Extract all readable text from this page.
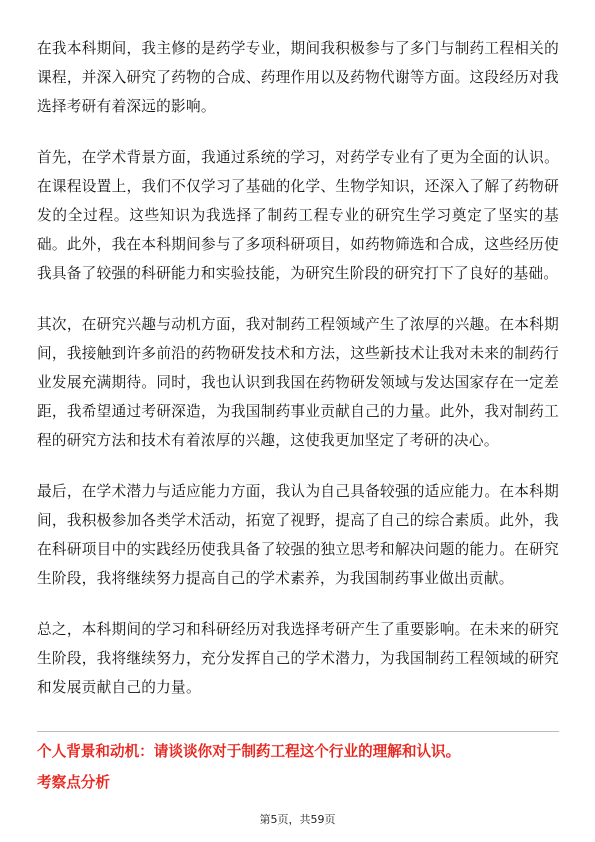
在我本科期间，我主修的是药学专业，期间我积极参与了多门与制药工程相关的课程，并深入研究了药物的合成、药理作用以及药物代谢等方面。这段经历对我选择考研有着深远的影响。

首先，在学术背景方面，我通过系统的学习，对药学专业有了更为全面的认识。在课程设置上，我们不仅学习了基础的化学、生物学知识，还深入了解了药物研发的全过程。这些知识为我选择了制药工程专业的研究生学习奠定了坚实的基础。此外，我在本科期间参与了多项科研项目，如药物筛选和合成，这些经历使我具备了较强的科研能力和实验技能，为研究生阶段的研究打下了良好的基础。

其次，在研究兴趣与动机方面，我对制药工程领域产生了浓厚的兴趣。在本科期间，我接触到许多前沿的药物研发技术和方法，这些新技术让我对未来的制药行业发展充满期待。同时，我也认识到我国在药物研发领域与发达国家存在一定差距，我希望通过考研深造，为我国制药事业贡献自己的力量。此外，我对制药工程的研究方法和技术有着浓厚的兴趣，这使我更加坚定了考研的决心。

最后，在学术潜力与适应能力方面，我认为自己具备较强的适应能力。在本科期间，我积极参加各类学术活动，拓宽了视野，提高了自己的综合素质。此外，我在科研项目中的实践经历使我具备了较强的独立思考和解决问题的能力。在研究生阶段，我将继续努力提高自己的学术素养，为我国制药事业做出贡献。

总之，本科期间的学习和科研经历对我选择考研产生了重要影响。在未来的研究生阶段，我将继续努力，充分发挥自己的学术潜力，为我国制药工程领域的研究和发展贡献自己的力量。

个人背景和动机：请谈谈你对于制药工程这个行业的理解和认识。

考察点分析

第5页，共59页
